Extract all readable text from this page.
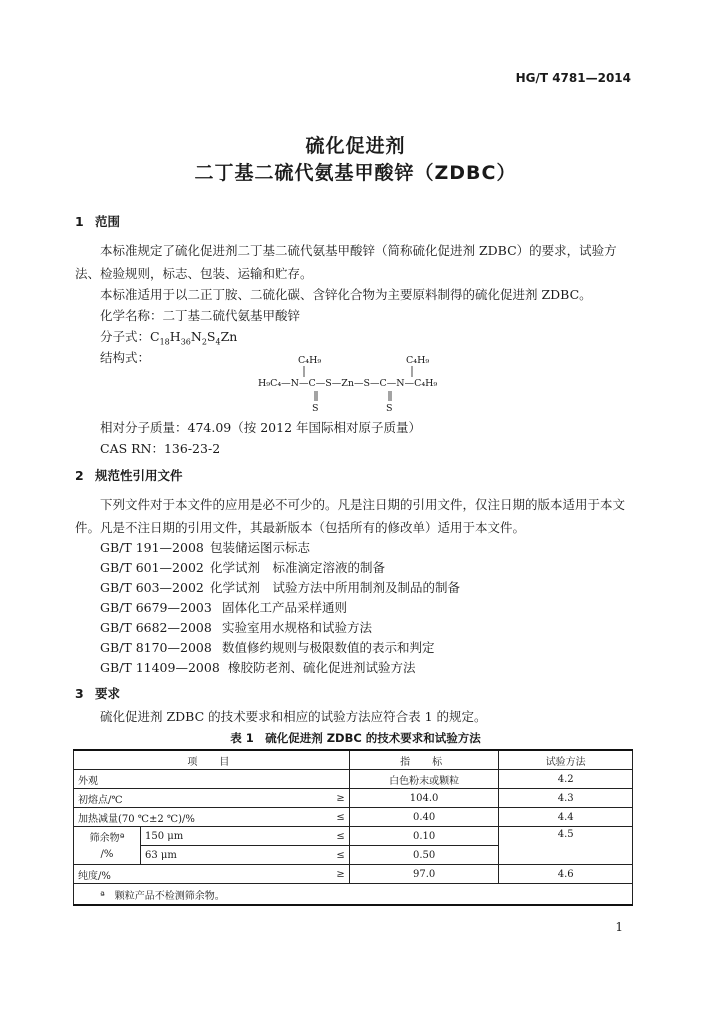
HG/T 4781—2014
硫化促进剂
二丁基二硫代氨基甲酸锌（ZDBC）
1 范围
本标准规定了硫化促进剂二丁基二硫代氨基甲酸锌（简称硫化促进剂 ZDBC）的要求，试验方法、检验规则，标志、包装、运输和贮存。
本标准适用于以二正丁胺、二硫化碳、含锌化合物为主要原料制得的硫化促进剂 ZDBC。
化学名称：二丁基二硫代氨基甲酸锌
分子式：$C_{18}H_{36}N_2S_4Zn$
结构式：	C₄H₉	C₄H₉
H₉C₄—N—C—S—Zn—S—C—N—C₄H₉
S	S
相对分子质量：474.09（按 2012 年国际相对原子质量）
CAS RN：136-23-2
2 规范性引用文件
下列文件对于本文件的应用是必不可少的。凡是注日期的引用文件，仅注日期的版本适用于本文件。凡是不注日期的引用文件，其最新版本（包括所有的修改单）适用于本文件。
GB/T 191—2008 包装储运图示标志
GB/T 601—2002 化学试剂　标准滴定溶液的制备
GB/T 603—2002 化学试剂　试验方法中所用制剂及制品的制备
GB/T 6679—2003 固体化工产品采样通则
GB/T 6682—2008 实验室用水规格和试验方法
GB/T 8170—2008 数值修约规则与极限数值的表示和判定
GB/T 11409—2008 橡胶防老剂、硫化促进剂试验方法
3 要求
硫化促进剂 ZDBC 的技术要求和相应的试验方法应符合表 1 的规定。
表 1　硫化促进剂 ZDBC 的技术要求和试验方法
项　目			指　标	试验方法
外观			白色粉末或颗粒	4.2
初熔点/℃		≥	104.0	4.3
加热减量(70 ℃±2 ℃)/%		≤	0.40	4.4
筛余物ª	150 μm	≤	0.10	4.5
/%	63 μm	≤	0.50	
纯度/%		≥	97.0	4.6
ª　颗粒产品不检测筛余物。				
1
